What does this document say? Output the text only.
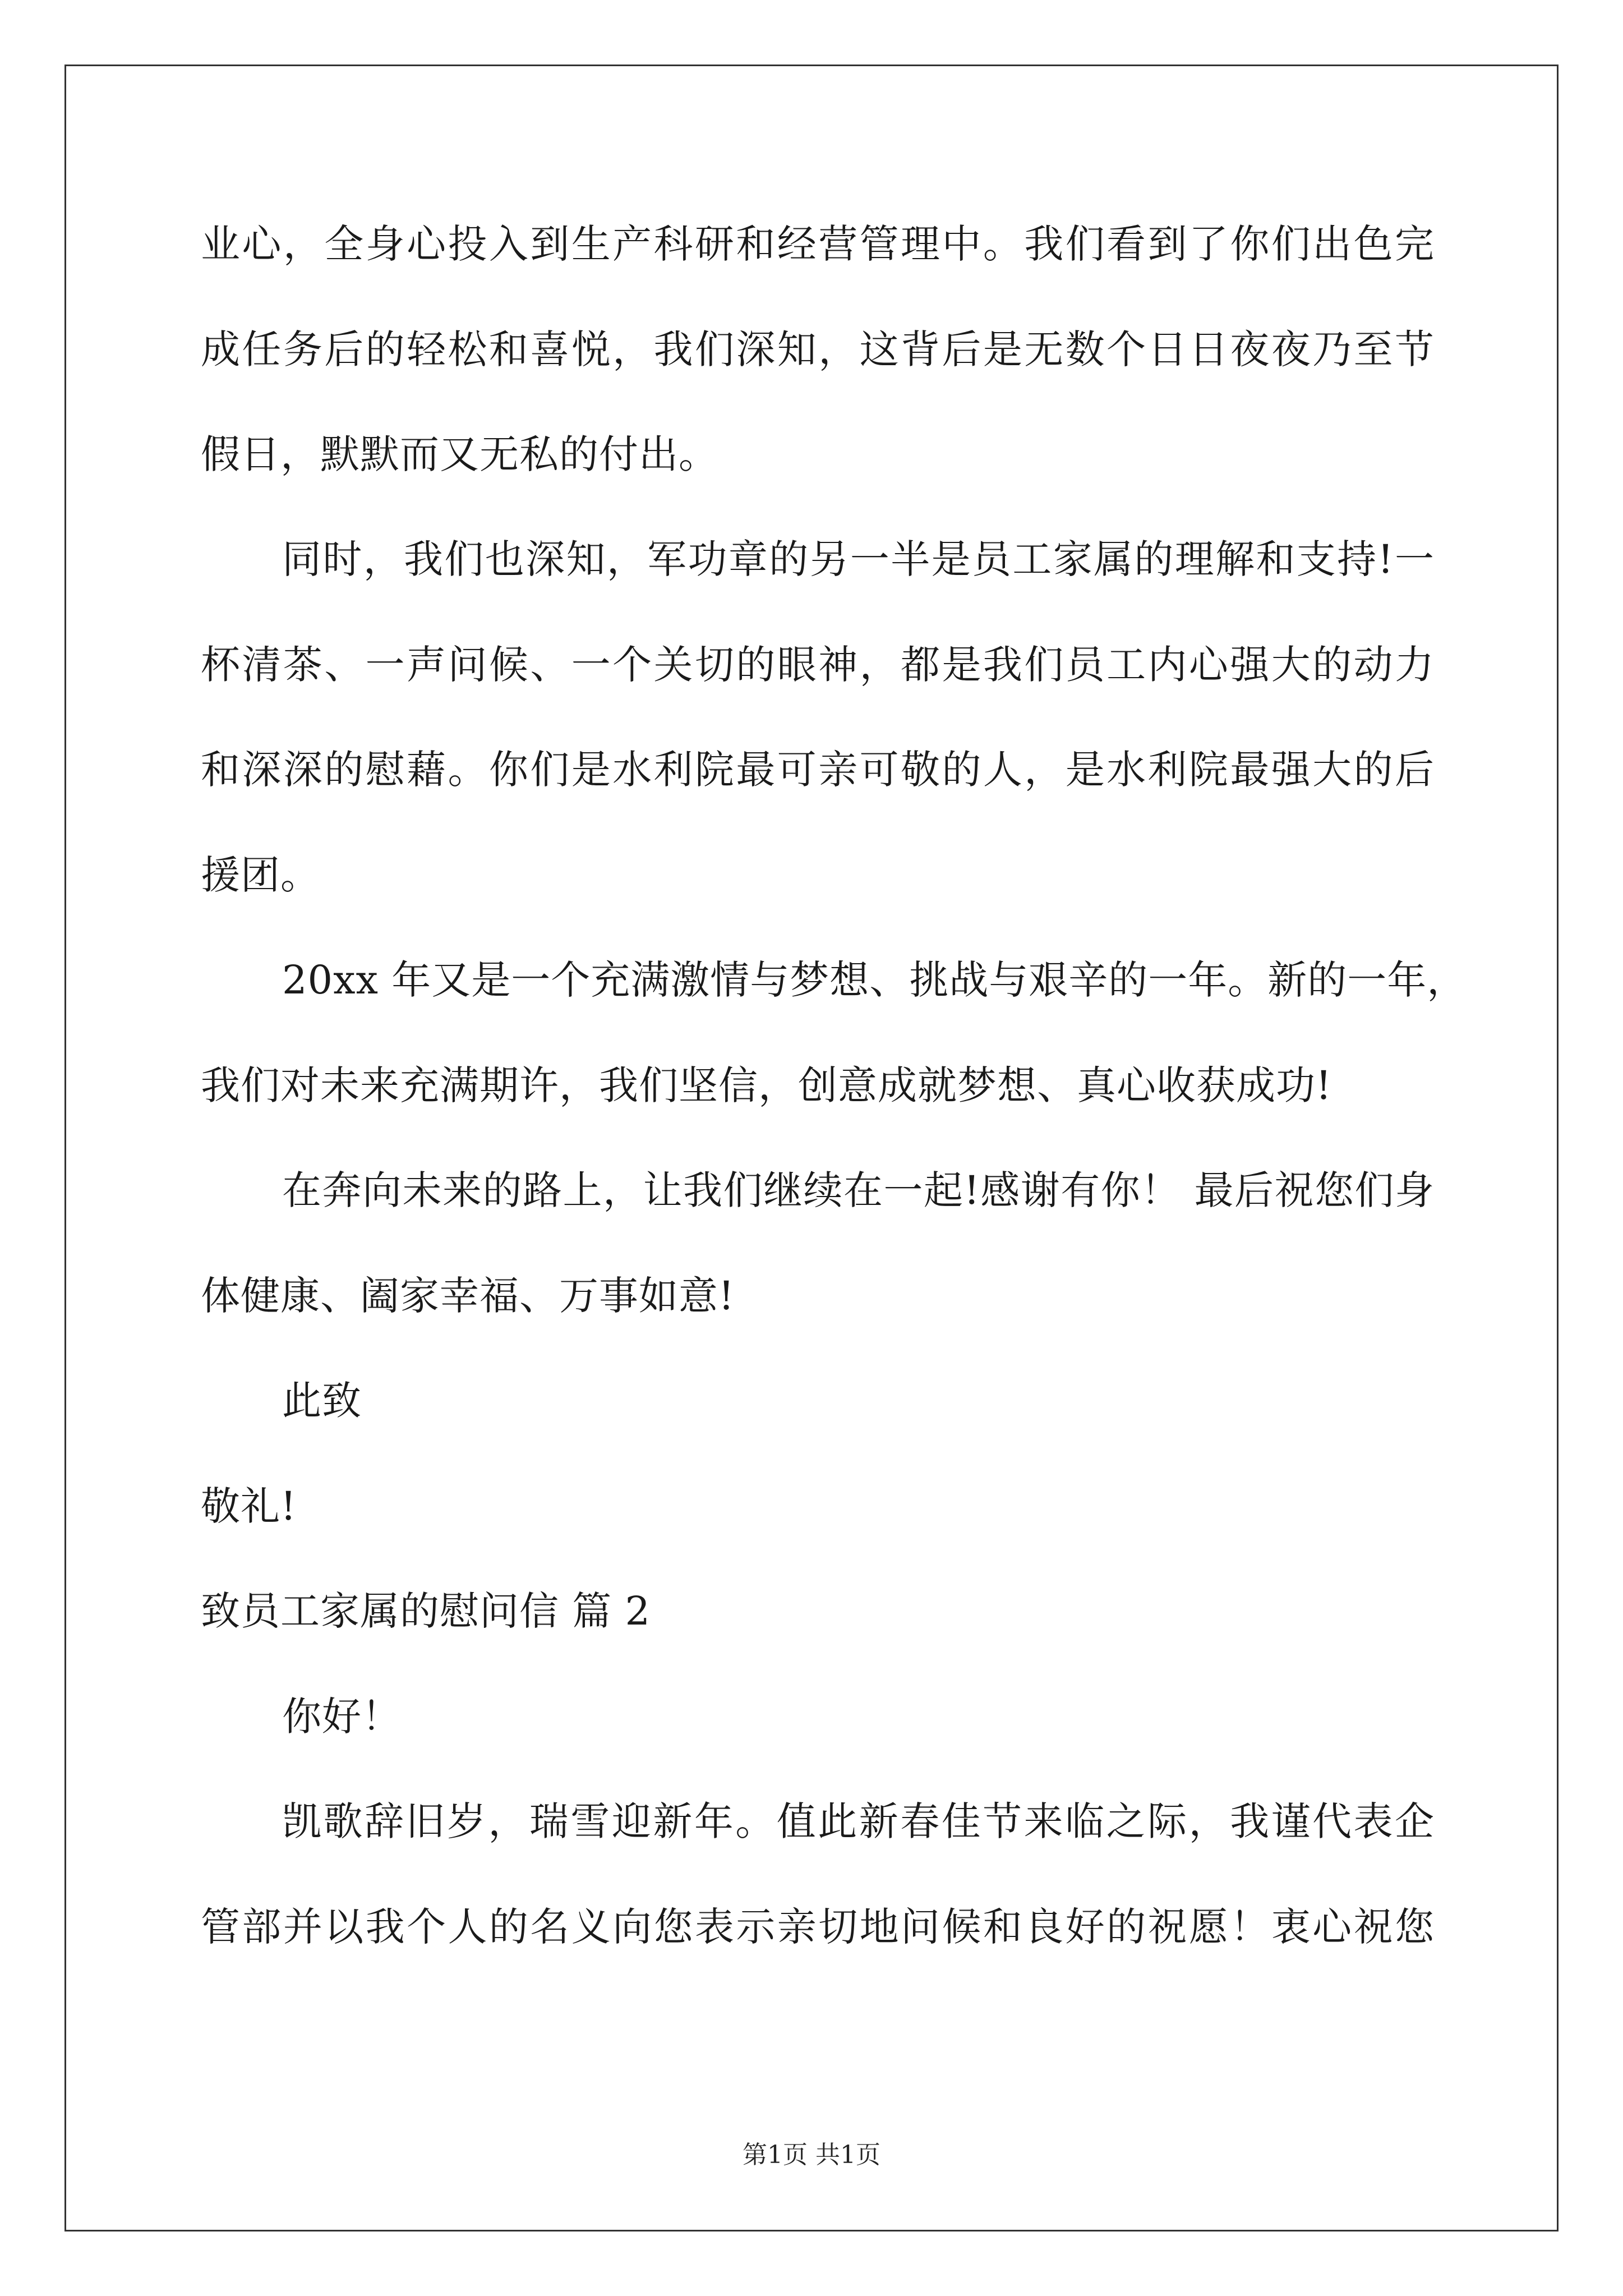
业心，全身心投入到生产科研和经营管理中。我们看到了你们出色完
成任务后的轻松和喜悦，我们深知，这背后是无数个日日夜夜乃至节
假日，默默而又无私的付出。
同时，我们也深知，军功章的另一半是员工家属的理解和支持!一
杯清茶、一声问候、一个关切的眼神，都是我们员工内心强大的动力
和深深的慰藉。你们是水利院最可亲可敬的人，是水利院最强大的后
援团。
20xx 年又是一个充满激情与梦想、挑战与艰辛的一年。新的一年，
我们对未来充满期许，我们坚信，创意成就梦想、真心收获成功!
在奔向未来的路上，让我们继续在一起!感谢有你！ 最后祝您们身
体健康、阖家幸福、万事如意!
此致
敬礼!
致员工家属的慰问信 篇 2
你好！
凯歌辞旧岁，瑞雪迎新年。值此新春佳节来临之际，我谨代表企
管部并以我个人的名义向您表示亲切地问候和良好的祝愿！衷心祝您
第1页 共1页
